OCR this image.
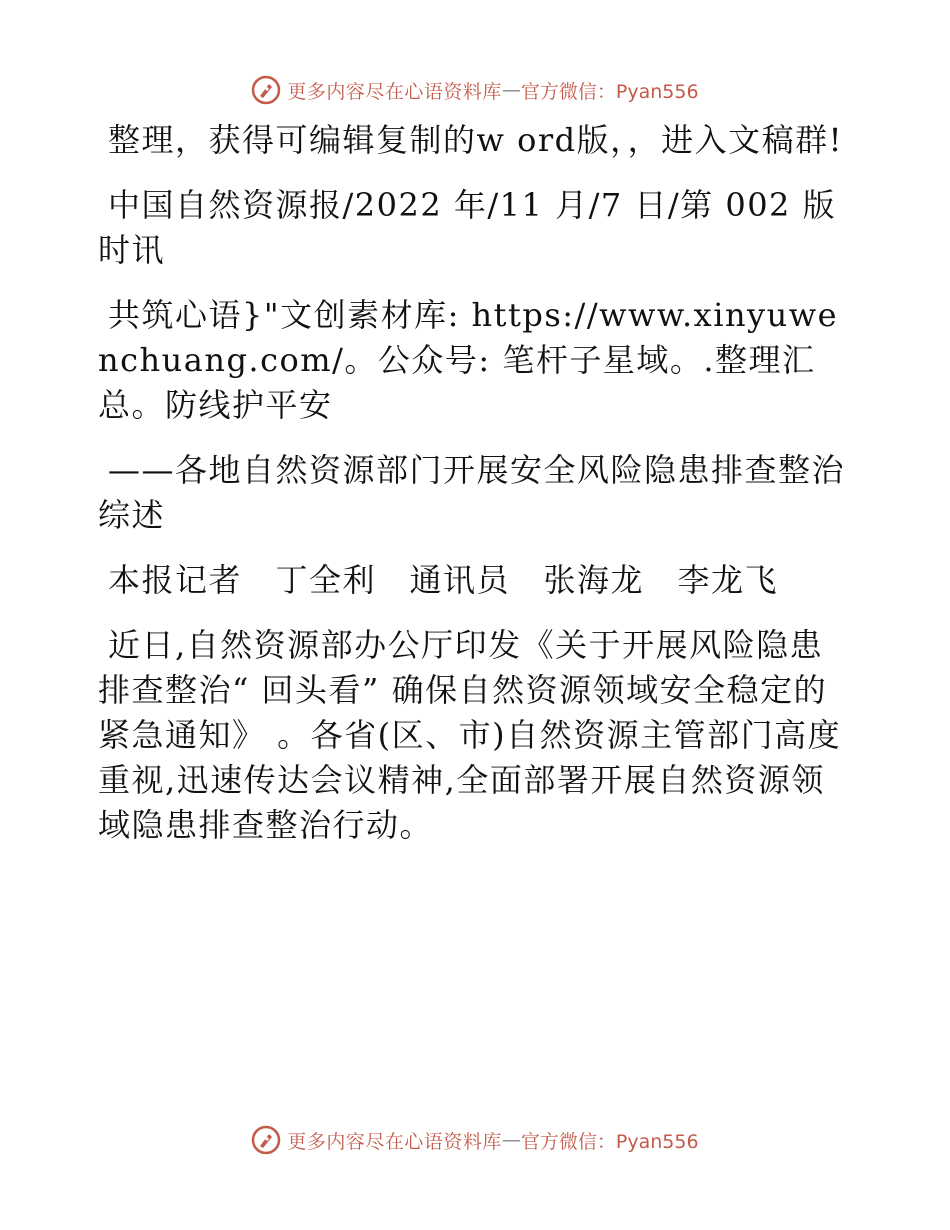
更多内容尽在心语资料库 — 官方微信：Pyan556

整理，获得可编辑复制的w ord版，，进入文稿群!

中国自然资源报/2022 年/11 月/7 日/第 002 版时讯

共筑心语}"文创素材库: https://www.xinyuwenchuang.com/。公众号: 笔杆子星域。.整理汇总。防线护平安

——各地自然资源部门开展安全风险隐患排查整治综述

本报记者　丁全利　通讯员　张海龙　李龙飞

近日,自然资源部办公厅印发《关于开展风险隐患排查整治“ 回头看” 确保自然资源领域安全稳定的紧急通知》 。各省(区、市)自然资源主管部门高度重视,迅速传达会议精神,全面部署开展自然资源领域隐患排查整治行动。

更多内容尽在心语资料库 — 官方微信：Pyan556
